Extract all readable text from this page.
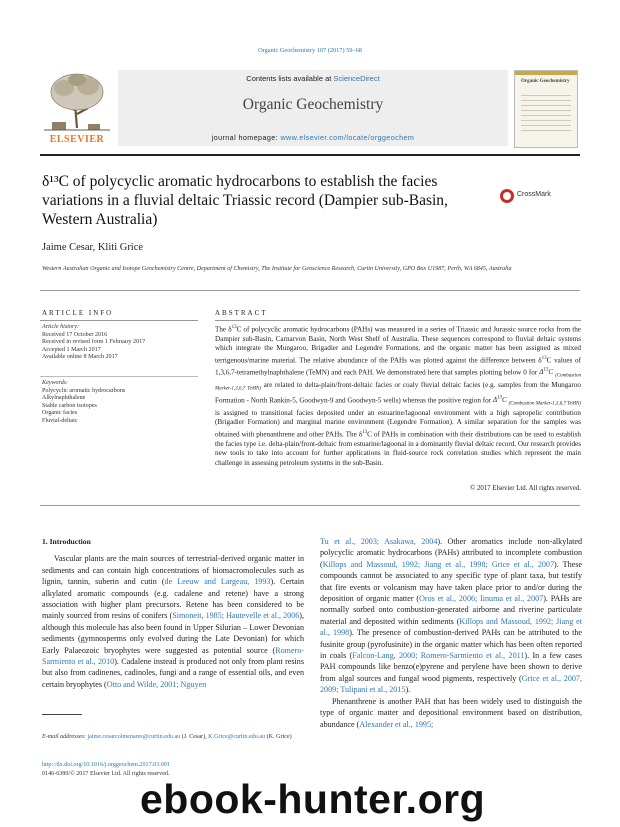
Organic Geochemistry 107 (2017) 59–68
ELSEVIER
Contents lists available at ScienceDirect
Organic Geochemistry
journal homepage: www.elsevier.com/locate/orggeochem
Organic Geochemistry
δ¹³C of polycyclic aromatic hydrocarbons to establish the facies variations in a fluvial deltaic Triassic record (Dampier sub-Basin, Western Australia)
CrossMark
Jaime Cesar, Kliti Grice
Western Australian Organic and Isotope Geochemistry Centre, Department of Chemistry, The Institute for Geoscience Research, Curtin University, GPO Box U1987, Perth, WA 6845, Australia
ARTICLE INFO
Article history:
Received 17 October 2016
Received in revised form 1 February 2017
Accepted 1 March 2017
Available online 8 March 2017
Keywords:
Polycyclic aromatic hydrocarbons
Alkylnaphthalene
Stable carbon isotopes
Organic facies
Fluvial-deltaic
ABSTRACT
The $\delta^{13}C$ of polycyclic aromatic hydrocarbons (PAHs) was measured in a series of Triassic and Jurassic source rocks from the Dampier sub-Basin, Carnarvon Basin, North West Shelf of Australia. These sequences correspond to fluvial deltaic systems which integrate the Mungaroo, Brigadier and Legendre Formations, and the organic matter has been assigned as mixed terrigenous/marine material. The relative abundance of the PAHs was plotted against the difference between $\delta^{13}C$ values of 1,3,6,7-tetramethylnaphthalene (TeMN) and each PAH. We demonstrated here that samples plotting below 0 for $\Delta^{13}C$ $_{(Combustion Marker-1,3,6,7 TeMN)}$ are related to delta-plain/front-deltaic facies or coaly fluvial deltaic facies (e.g. samples from the Mungaroo Formation - North Rankin-5, Goodwyn-9 and Goodwyn-5 wells) whereas the positive region for $\Delta^{13}C$ $_{(Combustion Marker-1,3,6,7 TeMN)}$ is assigned to transitional facies deposited under an estuarine/lagoonal environment with a high sapropelic contribution (Brigadier Formation) and marginal marine environment (Legendre Formation). A similar separation for the samples was obtained with phenanthrene and other PAHs. The $\delta^{13}C$ of PAHs in combination with their distributions can be used to establish the facies type i.e. delta-plain/front-deltaic from estuarine/lagoonal in a dominantly fluvial deltaic record. Our research provides new tools to take into account for further applications in fluid-source rock correlation studies which represent the main challenge in assessing petroleum systems in the sub-Basin.
© 2017 Elsevier Ltd. All rights reserved.

1. Introduction

Vascular plants are the main sources of terrestrial-derived organic matter in sediments and can contain high concentrations of biomacromolecules such as lignin, tannin, suberin and cutin (de Leeuw and Largeau, 1993). Certain alkylated aromatic compounds (e.g. cadalene and retene) have a strong association with higher plant precursors. Retene has been considered to be mainly sourced from resins of conifers (Simoneit, 1985; Hautevelle et al., 2006), although this molecule has also been found in Upper Silurian – Lower Devonian sediments (gymnosperms only evolved during the Late Devonian) for which Early Palaeozoic bryophytes were suggested as potential source (Romero-Sarmiento et al., 2010). Cadalene instead is produced not only from plant resins but also from cadinenes, cadinoles, fungi and a range of essential oils, and even certain bryophytes (Otto and Wilde, 2001; Nguyen

Tu et al., 2003; Asakawa, 2004). Other aromatics include non-alkylated polycyclic aromatic hydrocarbons (PAHs) attributed to incomplete combustion (Killops and Massoud, 1992; Jiang et al., 1998; Grice et al., 2007). These compounds cannot be associated to any specific type of plant taxa, but testify that fire events or volcanism may have taken place prior to and/or during the deposition of organic matter (Oros et al., 2006; Iinuma et al., 2007). PAHs are normally sorbed onto combustion-generated airborne and riverine particulate material and deposited within sediments (Killops and Massoud, 1992; Jiang et al., 1998). The presence of combustion-derived PAHs can be attributed to the fusinite group (pyrofusinite) in the organic matter which has been often reported in coals (Falcon-Lang, 2000; Romero-Sarmiento et al., 2011). In a few cases PAH compounds like benzo(e)pyrene and perylene have been shown to derive from algal sources and fungal wood pigments, respectively (Grice et al., 2007, 2009; Tulipani et al., 2015).

Phenanthrene is another PAH that has been widely used to distinguish the type of organic matter and depositional environment based on distribution, abundance (Alexander et al., 1995;

E-mail addresses: jaime.cesarcolmenares@curtin.edu.au (J. Cesar), K.Grice@curtin.edu.au (K. Grice)
http://dx.doi.org/10.1016/j.orggeochem.2017.03.001
0146-6380/© 2017 Elsevier Ltd. All rights reserved.
ebook-hunter.org
